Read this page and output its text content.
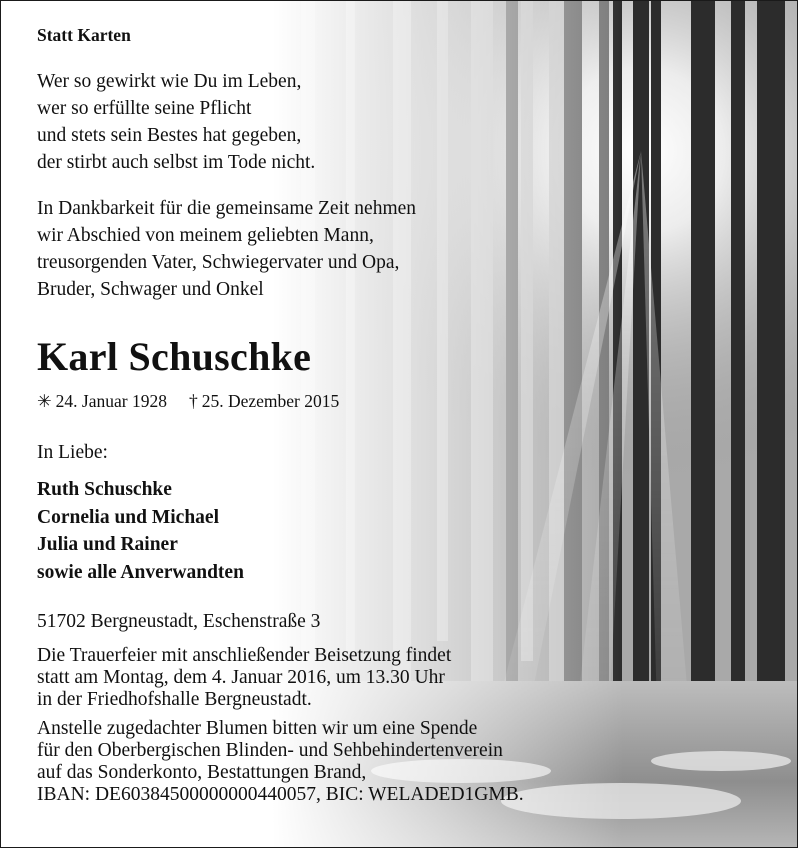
Statt Karten

Wer so gewirkt wie Du im Leben,
wer so erfüllte seine Pflicht
und stets sein Bestes hat gegeben,
der stirbt auch selbst im Tode nicht.

In Dankbarkeit für die gemeinsame Zeit nehmen
wir Abschied von meinem geliebten Mann,
treusorgenden Vater, Schwiegervater und Opa,
Bruder, Schwager und Onkel

Karl Schuschke

✳ 24. Januar 1928 † 25. Dezember 2015

In Liebe:

Ruth Schuschke
Cornelia und Michael
Julia und Rainer
sowie alle Anverwandten

51702 Bergneustadt, Eschenstraße 3

Die Trauerfeier mit anschließender Beisetzung findet
statt am Montag, dem 4. Januar 2016, um 13.30 Uhr
in der Friedhofshalle Bergneustadt.

Anstelle zugedachter Blumen bitten wir um eine Spende
für den Oberbergischen Blinden- und Sehbehindertenverein
auf das Sonderkonto, Bestattungen Brand,
IBAN: DE60384500000000440057, BIC: WELADED1GMB.
